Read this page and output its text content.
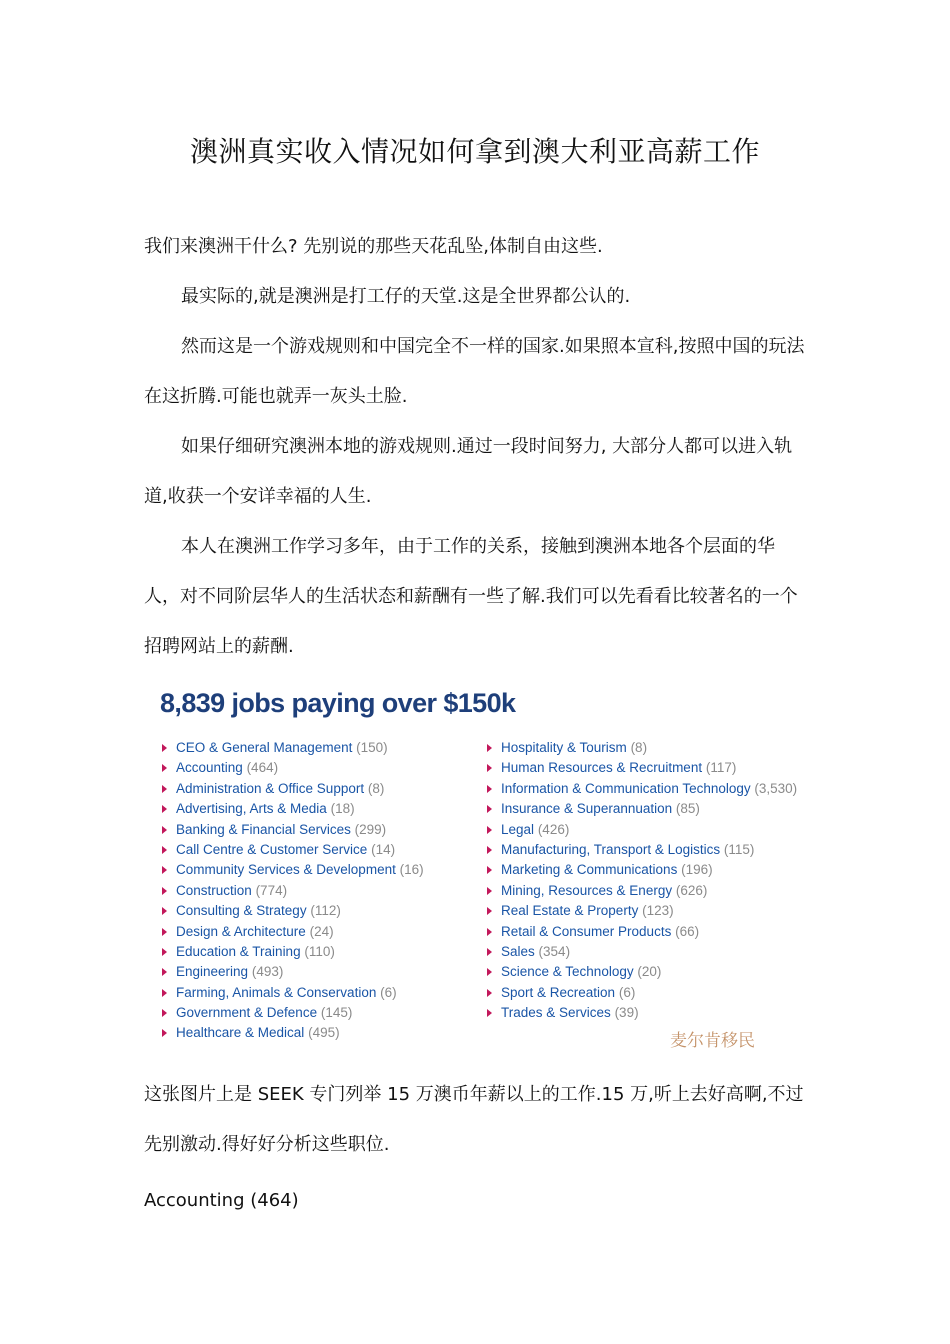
澳洲真实收入情况如何拿到澳大利亚高薪工作

我们来澳洲干什么? 先别说的那些天花乱坠,体制自由这些.

最实际的,就是澳洲是打工仔的天堂.这是全世界都公认的.

然而这是一个游戏规则和中国完全不一样的国家.如果照本宣科,按照中国的玩法在这折腾.可能也就弄一灰头土脸.

如果仔细研究澳洲本地的游戏规则.通过一段时间努力, 大部分人都可以进入轨道,收获一个安详幸福的人生.

本人在澳洲工作学习多年，由于工作的关系，接触到澳洲本地各个层面的华人，对不同阶层华人的生活状态和薪酬有一些了解.我们可以先看看比较著名的一个招聘网站上的薪酬.

8,839 jobs paying over $150k
CEO & General Management (150)
Accounting (464)
Administration & Office Support (8)
Advertising, Arts & Media (18)
Banking & Financial Services (299)
Call Centre & Customer Service (14)
Community Services & Development (16)
Construction (774)
Consulting & Strategy (112)
Design & Architecture (24)
Education & Training (110)
Engineering (493)
Farming, Animals & Conservation (6)
Government & Defence (145)
Healthcare & Medical (495)
Hospitality & Tourism (8)
Human Resources & Recruitment (117)
Information & Communication Technology (3,530)
Insurance & Superannuation (85)
Legal (426)
Manufacturing, Transport & Logistics (115)
Marketing & Communications (196)
Mining, Resources & Energy (626)
Real Estate & Property (123)
Retail & Consumer Products (66)
Sales (354)
Science & Technology (20)
Sport & Recreation (6)
Trades & Services (39)
麦尔肯移民

这张图片上是 SEEK 专门列举 15 万澳币年薪以上的工作.15 万,听上去好高啊,不过先别激动.得好好分析这些职位.

Accounting (464)
